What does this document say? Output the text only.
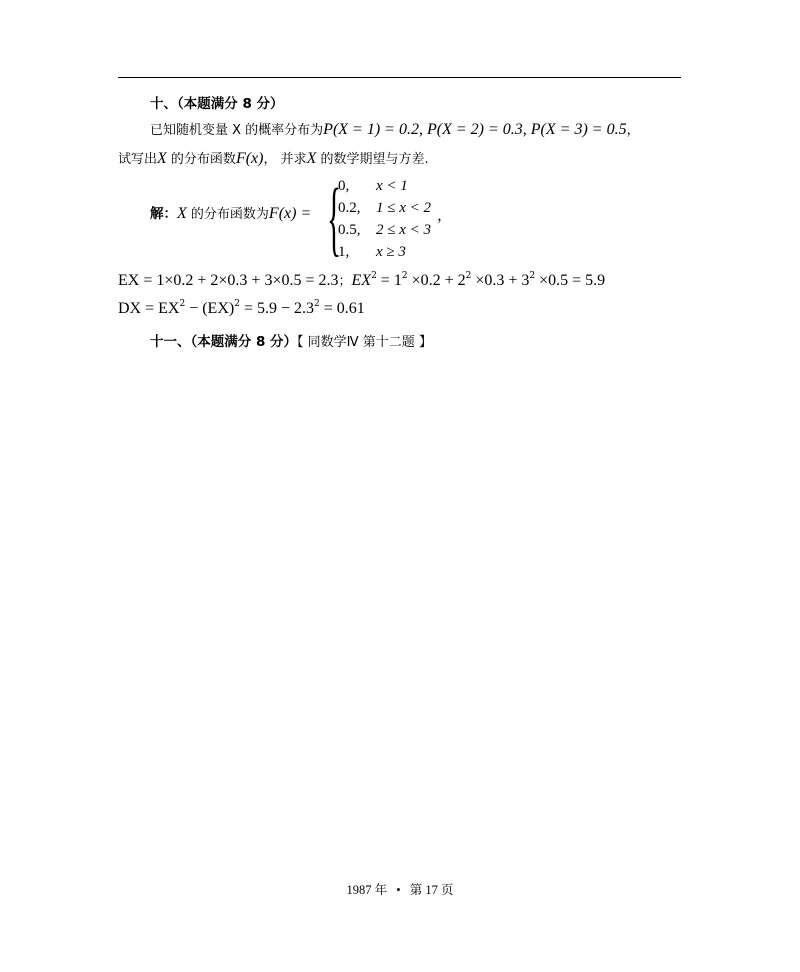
十、（本题满分 8 分）
已知随机变量 X 的概率分布为P(X = 1) = 0.2, P(X = 2) = 0.3, P(X = 3) = 0.5，
试写出X 的分布函数F(x)， 并求X 的数学期望与方差.
解：X 的分布函数为F(x) = {
0, x < 1
0.2, 1 ≤ x < 2
0.5, 2 ≤ x < 3
1, x ≥ 3
，
EX = 1×0.2 + 2×0.3 + 3×0.5 = 2.3；$EX^2 = 1^2 \times 0.2 + 2^2 \times 0.3 + 3^2 \times 0.5 = 5.9$
DX = $EX^2 - (EX)^2 = 5.9 - 2.3^2 = 0.61$
十一、（本题满分 8 分）【 同数学Ⅳ 第十二题 】
1987 年 • 第 17 页
